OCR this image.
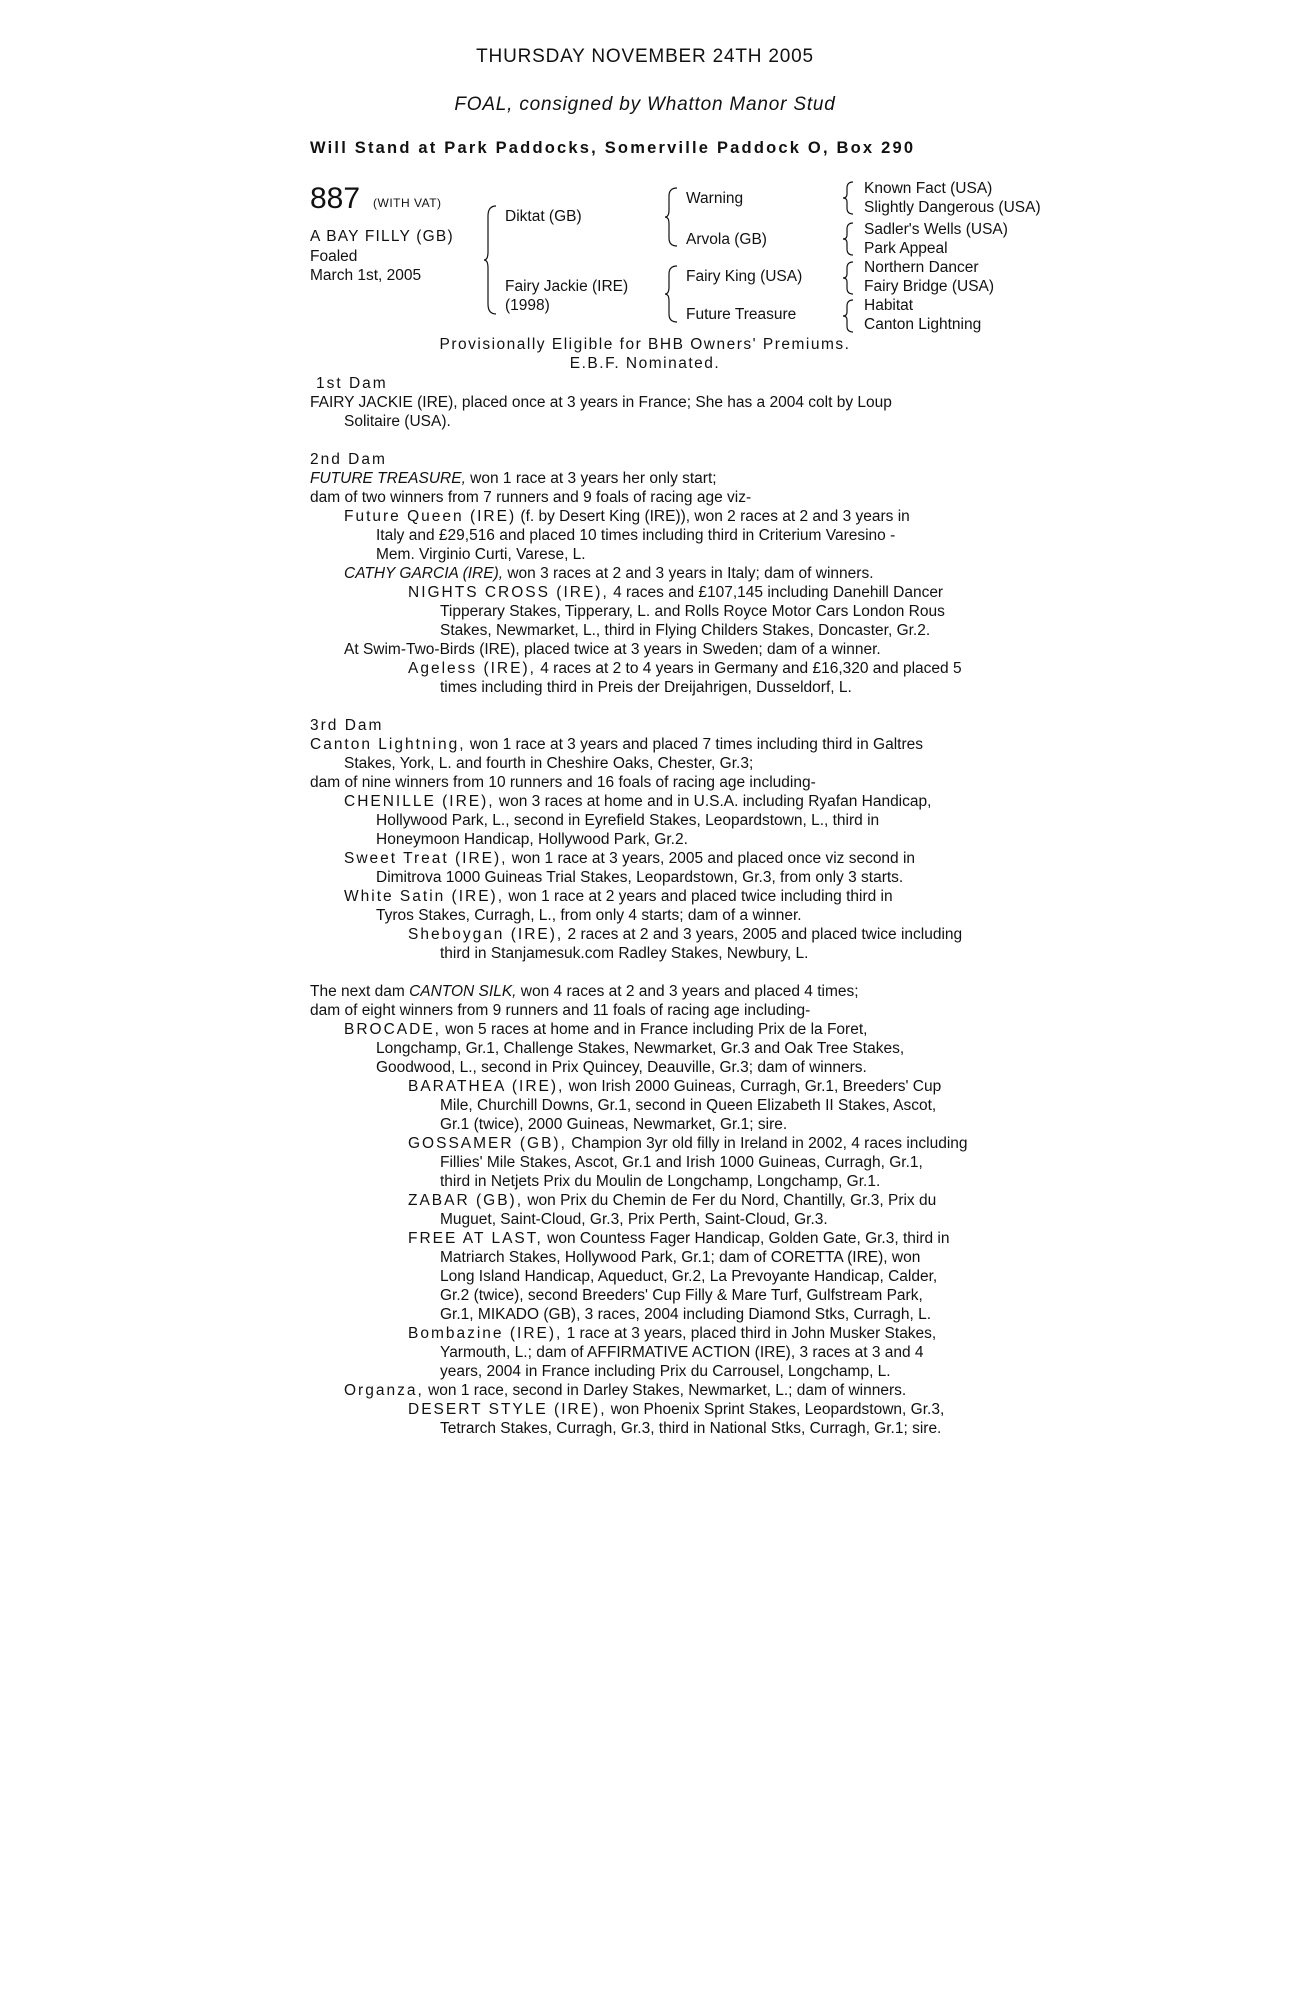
THURSDAY NOVEMBER 24TH 2005
FOAL, consigned by Whatton Manor Stud
Will Stand at Park Paddocks, Somerville Paddock O, Box 290
887 (WITH VAT)
A BAY FILLY (GB)
Foaled
March 1st, 2005
Diktat (GB)
Fairy Jackie (IRE)
(1998)
Warning
Arvola (GB)
Fairy King (USA)
Future Treasure
Known Fact (USA)
Slightly Dangerous (USA)
Sadler's Wells (USA)
Park Appeal
Northern Dancer
Fairy Bridge (USA)
Habitat
Canton Lightning
Provisionally Eligible for BHB Owners' Premiums.
E.B.F. Nominated.
1st Dam
FAIRY JACKIE (IRE), placed once at 3 years in France; She has a 2004 colt by Loup
Solitaire (USA).
2nd Dam
FUTURE TREASURE, won 1 race at 3 years her only start;
dam of two winners from 7 runners and 9 foals of racing age viz-
Future Queen (IRE) (f. by Desert King (IRE)), won 2 races at 2 and 3 years in
Italy and £29,516 and placed 10 times including third in Criterium Varesino -
Mem. Virginio Curti, Varese, L.
CATHY GARCIA (IRE), won 3 races at 2 and 3 years in Italy; dam of winners.
NIGHTS CROSS (IRE), 4 races and £107,145 including Danehill Dancer
Tipperary Stakes, Tipperary, L. and Rolls Royce Motor Cars London Rous
Stakes, Newmarket, L., third in Flying Childers Stakes, Doncaster, Gr.2.
At Swim-Two-Birds (IRE), placed twice at 3 years in Sweden; dam of a winner.
Ageless (IRE), 4 races at 2 to 4 years in Germany and £16,320 and placed 5
times including third in Preis der Dreijahrigen, Dusseldorf, L.
3rd Dam
Canton Lightning, won 1 race at 3 years and placed 7 times including third in Galtres
Stakes, York, L. and fourth in Cheshire Oaks, Chester, Gr.3;
dam of nine winners from 10 runners and 16 foals of racing age including-
CHENILLE (IRE), won 3 races at home and in U.S.A. including Ryafan Handicap,
Hollywood Park, L., second in Eyrefield Stakes, Leopardstown, L., third in
Honeymoon Handicap, Hollywood Park, Gr.2.
Sweet Treat (IRE), won 1 race at 3 years, 2005 and placed once viz second in
Dimitrova 1000 Guineas Trial Stakes, Leopardstown, Gr.3, from only 3 starts.
White Satin (IRE), won 1 race at 2 years and placed twice including third in
Tyros Stakes, Curragh, L., from only 4 starts; dam of a winner.
Sheboygan (IRE), 2 races at 2 and 3 years, 2005 and placed twice including
third in Stanjamesuk.com Radley Stakes, Newbury, L.
The next dam CANTON SILK, won 4 races at 2 and 3 years and placed 4 times;
dam of eight winners from 9 runners and 11 foals of racing age including-
BROCADE, won 5 races at home and in France including Prix de la Foret,
Longchamp, Gr.1, Challenge Stakes, Newmarket, Gr.3 and Oak Tree Stakes,
Goodwood, L., second in Prix Quincey, Deauville, Gr.3; dam of winners.
BARATHEA (IRE), won Irish 2000 Guineas, Curragh, Gr.1, Breeders' Cup
Mile, Churchill Downs, Gr.1, second in Queen Elizabeth II Stakes, Ascot,
Gr.1 (twice), 2000 Guineas, Newmarket, Gr.1; sire.
GOSSAMER (GB), Champion 3yr old filly in Ireland in 2002, 4 races including
Fillies' Mile Stakes, Ascot, Gr.1 and Irish 1000 Guineas, Curragh, Gr.1,
third in Netjets Prix du Moulin de Longchamp, Longchamp, Gr.1.
ZABAR (GB), won Prix du Chemin de Fer du Nord, Chantilly, Gr.3, Prix du
Muguet, Saint-Cloud, Gr.3, Prix Perth, Saint-Cloud, Gr.3.
FREE AT LAST, won Countess Fager Handicap, Golden Gate, Gr.3, third in
Matriarch Stakes, Hollywood Park, Gr.1; dam of CORETTA (IRE), won
Long Island Handicap, Aqueduct, Gr.2, La Prevoyante Handicap, Calder,
Gr.2 (twice), second Breeders' Cup Filly & Mare Turf, Gulfstream Park,
Gr.1, MIKADO (GB), 3 races, 2004 including Diamond Stks, Curragh, L.
Bombazine (IRE), 1 race at 3 years, placed third in John Musker Stakes,
Yarmouth, L.; dam of AFFIRMATIVE ACTION (IRE), 3 races at 3 and 4
years, 2004 in France including Prix du Carrousel, Longchamp, L.
Organza, won 1 race, second in Darley Stakes, Newmarket, L.; dam of winners.
DESERT STYLE (IRE), won Phoenix Sprint Stakes, Leopardstown, Gr.3,
Tetrarch Stakes, Curragh, Gr.3, third in National Stks, Curragh, Gr.1; sire.
